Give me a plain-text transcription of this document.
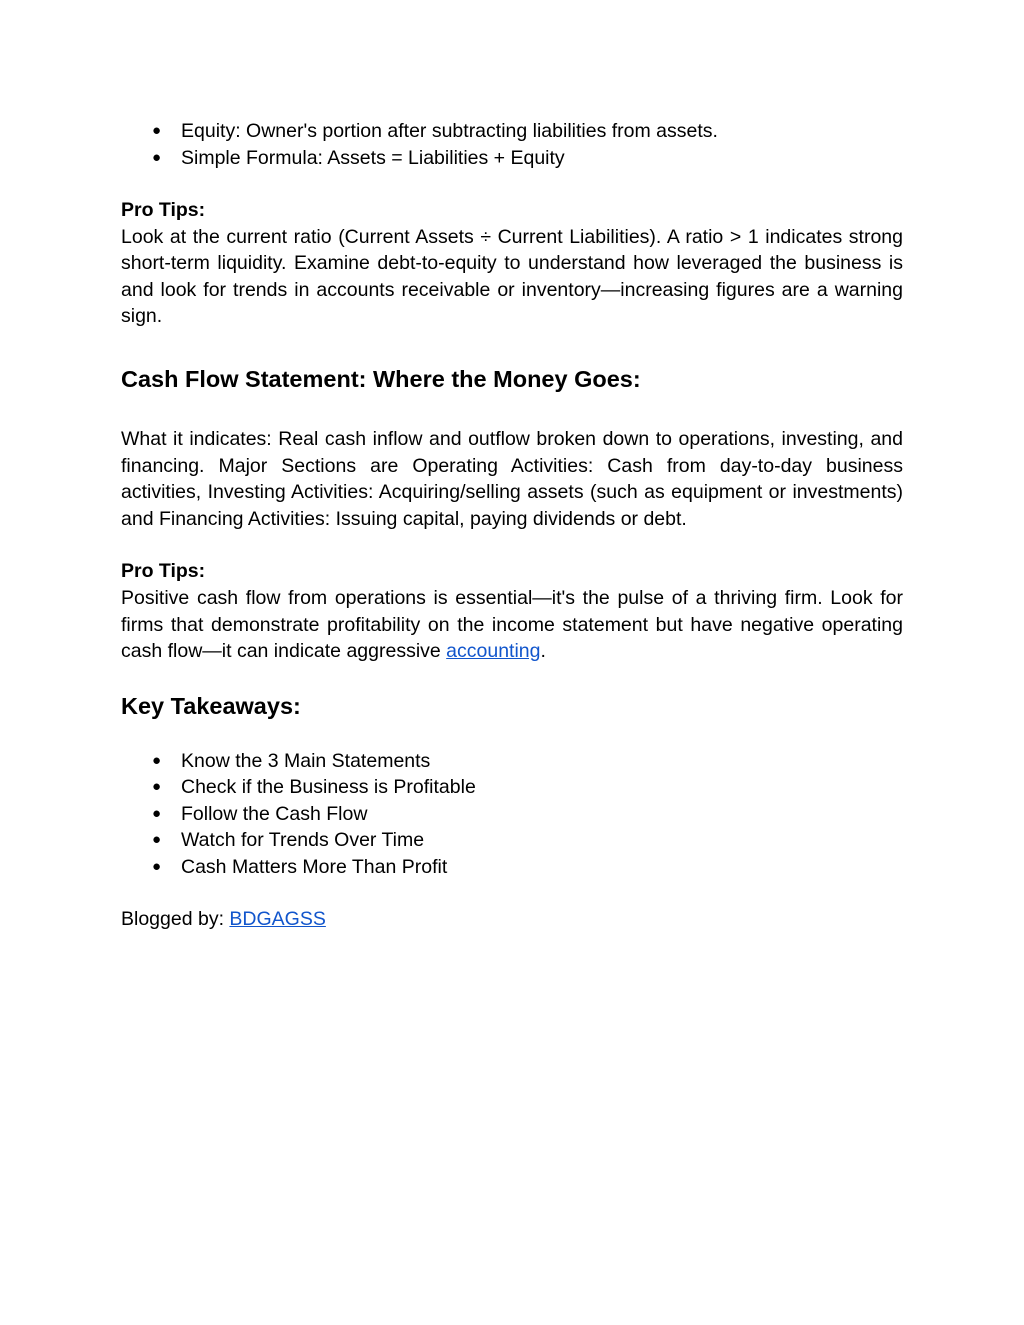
● Equity: Owner's portion after subtracting liabilities from assets.
● Simple Formula: Assets = Liabilities + Equity

Pro Tips:

Look at the current ratio (Current Assets ÷ Current Liabilities). A ratio > 1 indicates strong short-term liquidity. Examine debt-to-equity to understand how leveraged the business is and look for trends in accounts receivable or inventory—increasing figures are a warning sign.

Cash Flow Statement: Where the Money Goes:

What it indicates: Real cash inflow and outflow broken down to operations, investing, and financing. Major Sections are Operating Activities: Cash from day-to-day business activities, Investing Activities: Acquiring/selling assets (such as equipment or investments) and Financing Activities: Issuing capital, paying dividends or debt.

Pro Tips:

Positive cash flow from operations is essential—it's the pulse of a thriving firm. Look for firms that demonstrate profitability on the income statement but have negative operating cash flow—it can indicate aggressive accounting.

Key Takeaways:
● Know the 3 Main Statements
● Check if the Business is Profitable
● Follow the Cash Flow
● Watch for Trends Over Time
● Cash Matters More Than Profit

Blogged by: BDGAGSS
